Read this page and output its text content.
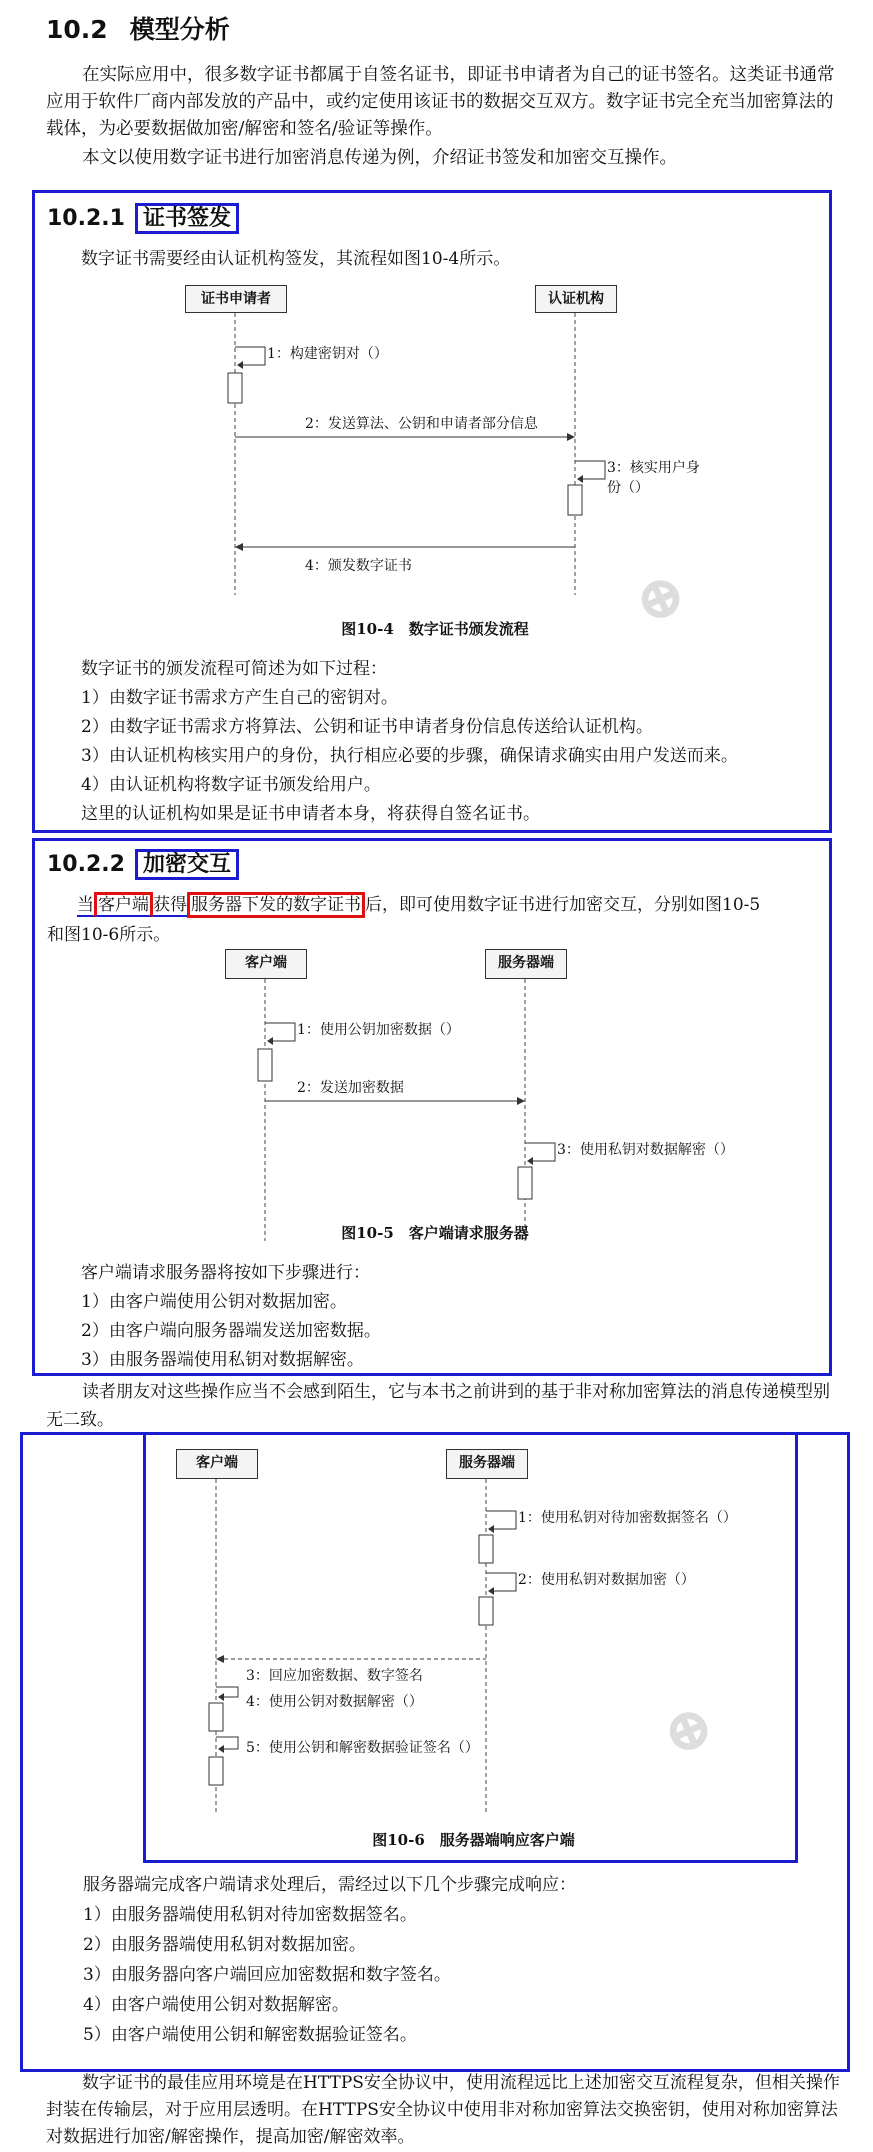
10.2 模型分析
在实际应用中，很多数字证书都属于自签名证书，即证书申请者为自己的证书签名。这类证书通常应用于软件厂商内部发放的产品中，或约定使用该证书的数据交互双方。数字证书完全充当加密算法的载体，为必要数据做加密/解密和签名/验证等操作。
本文以使用数字证书进行加密消息传递为例，介绍证书签发和加密交互操作。
10.2.1 证书签发
数字证书需要经由认证机构签发，其流程如图10-4所示。
证书申请者	认证机构
1：构建密钥对（）
2：发送算法、公钥和申请者部分信息
3：核实用户身份（）
4：颁发数字证书
图10-4　数字证书颁发流程
数字证书的颁发流程可简述为如下过程：
1）由数字证书需求方产生自己的密钥对。
2）由数字证书需求方将算法、公钥和证书申请者身份信息传送给认证机构。
3）由认证机构核实用户的身份，执行相应必要的步骤，确保请求确实由用户发送而来。
4）由认证机构将数字证书颁发给用户。
这里的认证机构如果是证书申请者本身，将获得自签名证书。
⊕
10.2.2 加密交互
当 客户端 获得 服务器下发的数字证书 后，即可使用数字证书进行加密交互，分别如图10-5
和图10-6所示。
客户端	服务器端
1：使用公钥加密数据（）
2：发送加密数据
3：使用私钥对数据解密（）
图10-5　客户端请求服务器
客户端请求服务器将按如下步骤进行：
1）由客户端使用公钥对数据加密。
2）由客户端向服务器端发送加密数据。
3）由服务器端使用私钥对数据解密。
读者朋友对这些操作应当不会感到陌生，它与本书之前讲到的基于非对称加密算法的消息传递模型别无二致。
客户端	服务器端
1：使用私钥对待加密数据签名（）
2：使用私钥对数据加密（）
3：回应加密数据、数字签名
4：使用公钥对数据解密（）
5：使用公钥和解密数据验证签名（）
图10-6　服务器端响应客户端
服务器端完成客户端请求处理后，需经过以下几个步骤完成响应：
1）由服务器端使用私钥对待加密数据签名。
2）由服务器端使用私钥对数据加密。
3）由服务器向客户端回应加密数据和数字签名。
4）由客户端使用公钥对数据解密。
5）由客户端使用公钥和解密数据验证签名。
⊕
数字证书的最佳应用环境是在HTTPS安全协议中，使用流程远比上述加密交互流程复杂，但相关操作封装在传输层，对于应用层透明。在HTTPS安全协议中使用非对称加密算法交换密钥，使用对称加密算法对数据进行加密/解密操作，提高加密/解密效率。
